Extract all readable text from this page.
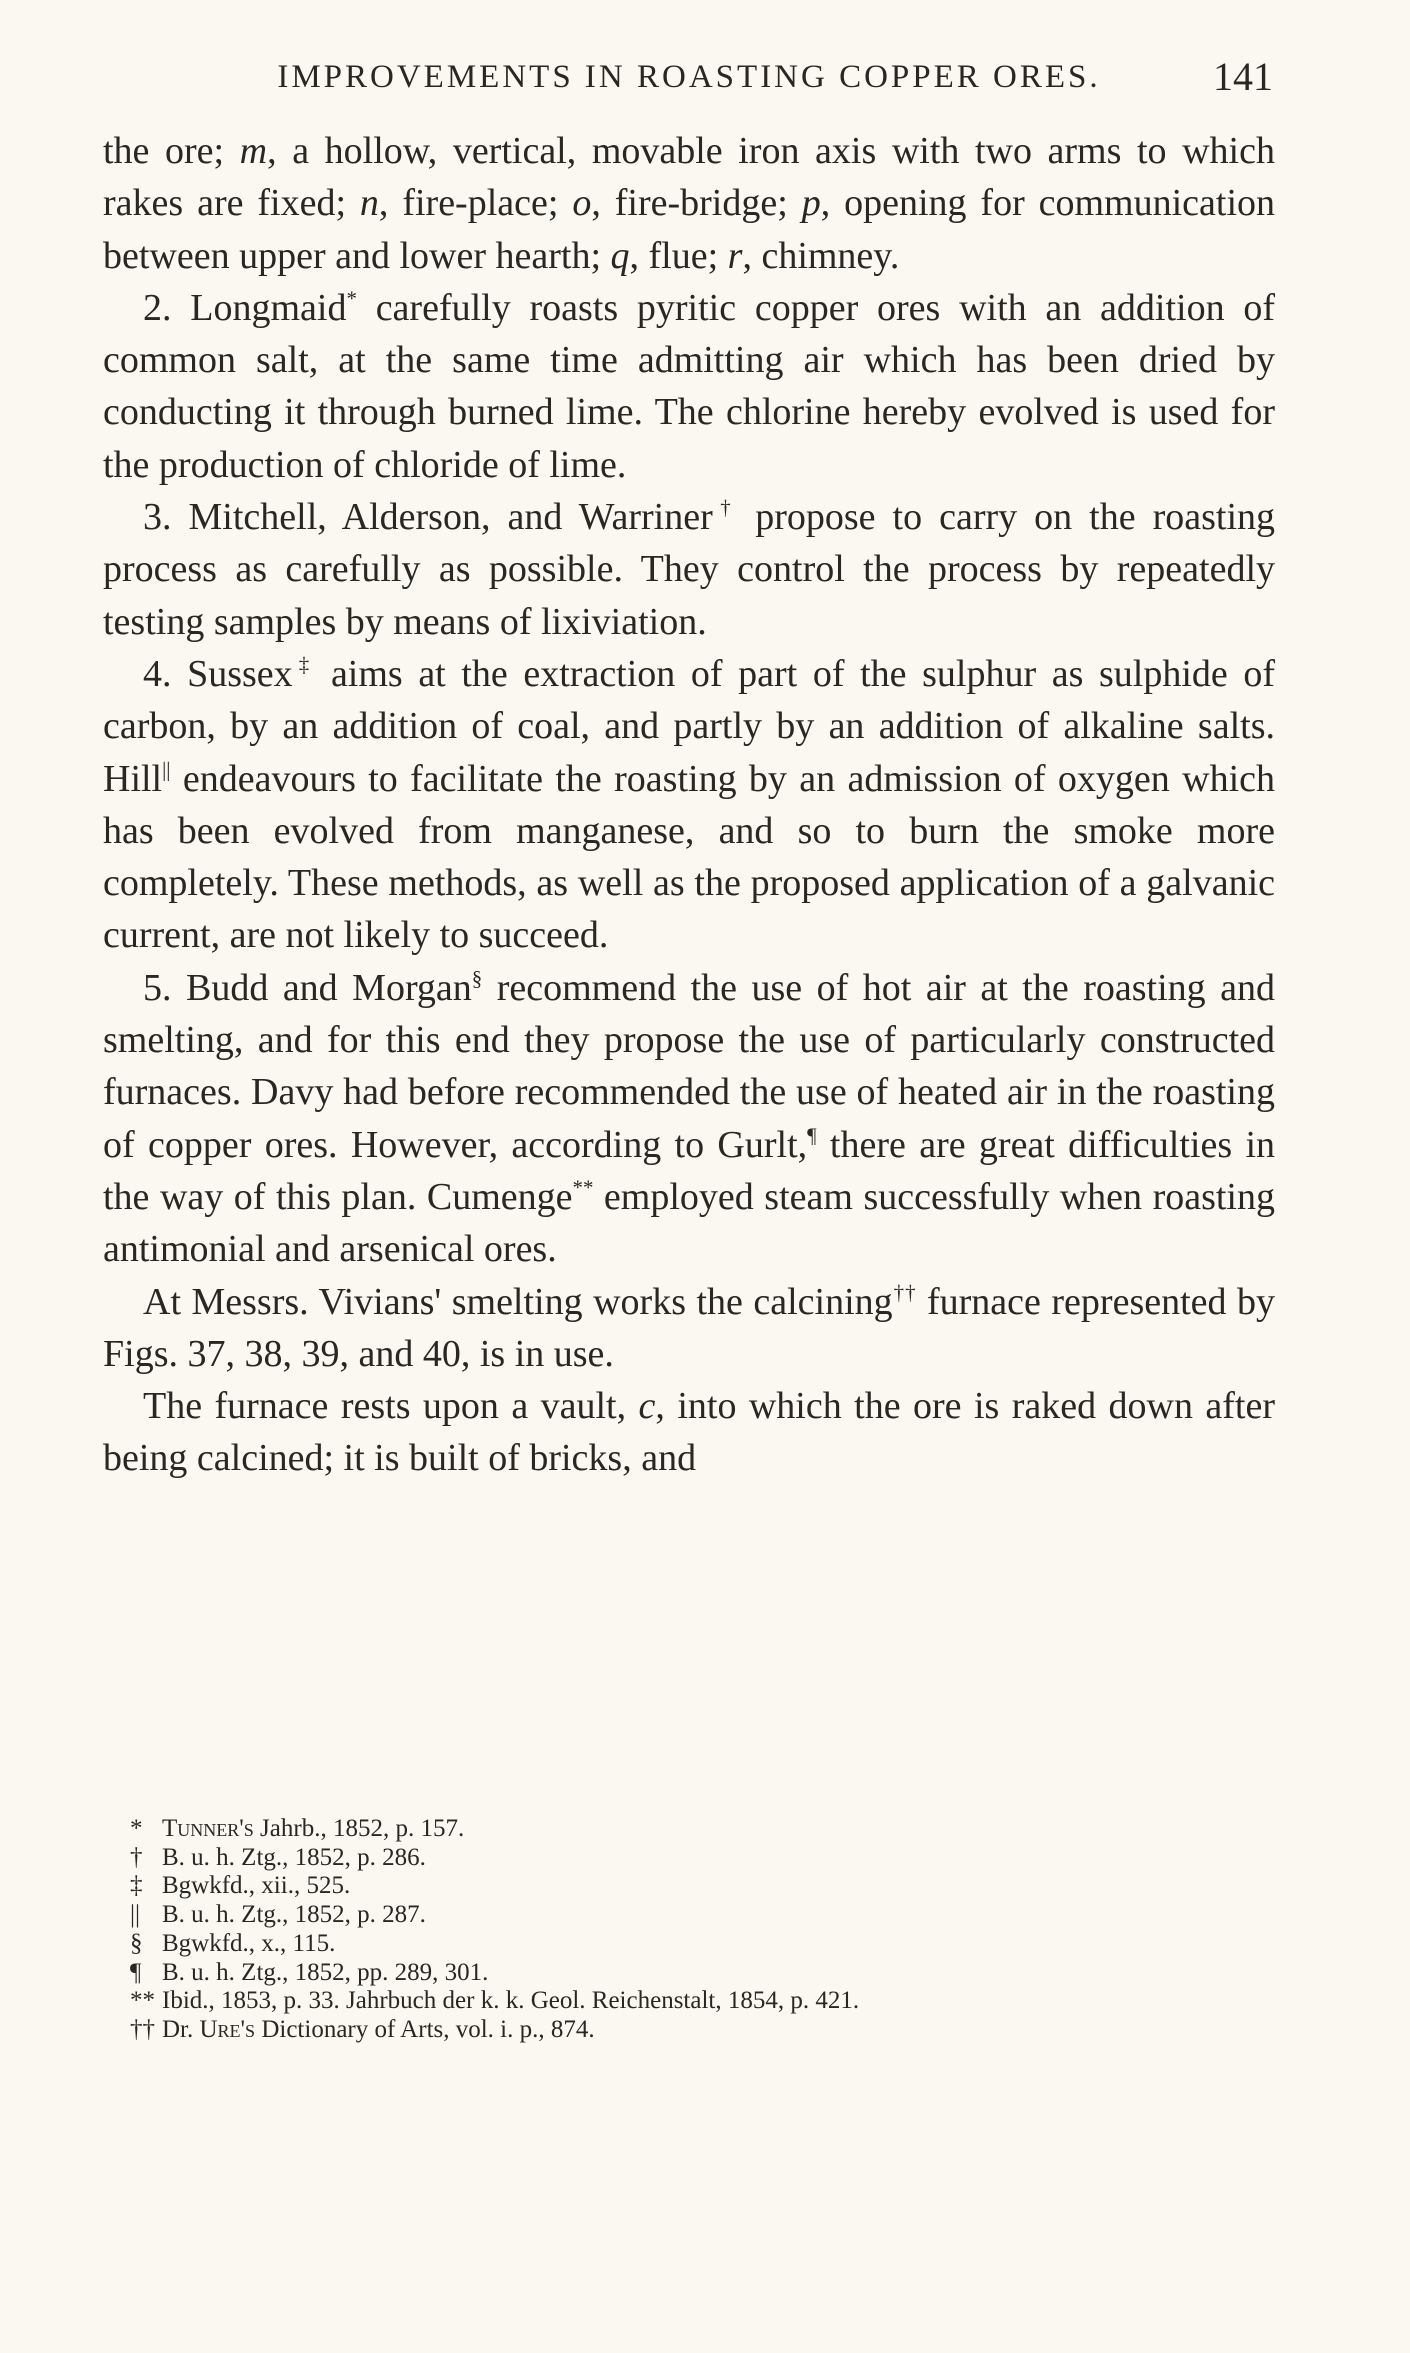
IMPROVEMENTS IN ROASTING COPPER ORES.	141

the ore; m, a hollow, vertical, movable iron axis with two arms to which rakes are fixed; n, fire-place; o, fire-bridge; p, opening for communication between upper and lower hearth; q, flue; r, chimney.

2. Longmaid* carefully roasts pyritic copper ores with an addition of common salt, at the same time admitting air which has been dried by conducting it through burned lime. The chlorine hereby evolved is used for the production of chloride of lime.

3. Mitchell, Alderson, and Warriner† propose to carry on the roasting process as carefully as possible. They control the process by repeatedly testing samples by means of lixiviation.

4. Sussex‡ aims at the extraction of part of the sulphur as sulphide of carbon, by an addition of coal, and partly by an addition of alkaline salts. Hill|| endeavours to facilitate the roasting by an admission of oxygen which has been evolved from manganese, and so to burn the smoke more completely. These methods, as well as the proposed application of a galvanic current, are not likely to succeed.

5. Budd and Morgan§ recommend the use of hot air at the roasting and smelting, and for this end they propose the use of particularly constructed furnaces. Davy had before recommended the use of heated air in the roasting of copper ores. However, according to Gurlt,¶ there are great difficulties in the way of this plan. Cumenge** employed steam successfully when roasting antimonial and arsenical ores.

At Messrs. Vivians' smelting works the calcining†† furnace represented by Figs. 37, 38, 39, and 40, is in use.

The furnace rests upon a vault, c, into which the ore is raked down after being calcined; it is built of bricks, and

* Tunner's Jahrb., 1852, p. 157.
† B. u. h. Ztg., 1852, p. 286.
‡ Bgwkfd., xii., 525.
|| B. u. h. Ztg., 1852, p. 287.
§ Bgwkfd., x., 115.
¶ B. u. h. Ztg., 1852, pp. 289, 301.
** Ibid., 1853, p. 33. Jahrbuch der k. k. Geol. Reichenstalt, 1854, p. 421.
†† Dr. Ure's Dictionary of Arts, vol. i. p., 874.
